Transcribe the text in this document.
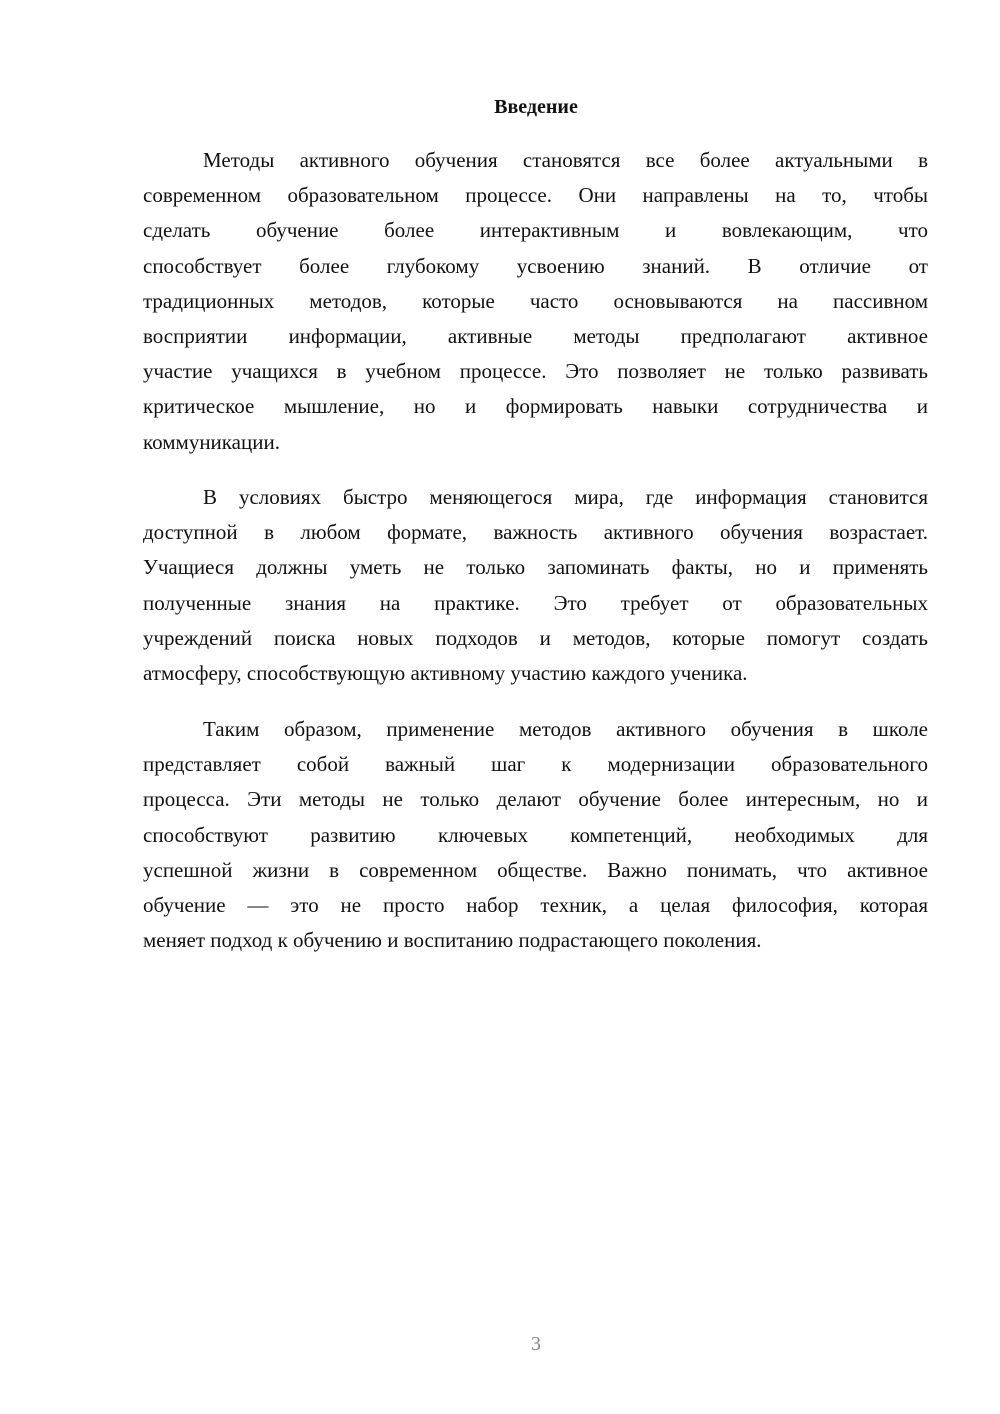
Введение
Методы активного обучения становятся все более актуальными в
современном образовательном процессе. Они направлены на то, чтобы
сделать обучение более интерактивным и вовлекающим, что
способствует более глубокому усвоению знаний. В отличие от
традиционных методов, которые часто основываются на пассивном
восприятии информации, активные методы предполагают активное
участие учащихся в учебном процессе. Это позволяет не только развивать
критическое мышление, но и формировать навыки сотрудничества и
коммуникации.
В условиях быстро меняющегося мира, где информация становится
доступной в любом формате, важность активного обучения возрастает.
Учащиеся должны уметь не только запоминать факты, но и применять
полученные знания на практике. Это требует от образовательных
учреждений поиска новых подходов и методов, которые помогут создать
атмосферу, способствующую активному участию каждого ученика.
Таким образом, применение методов активного обучения в школе
представляет собой важный шаг к модернизации образовательного
процесса. Эти методы не только делают обучение более интересным, но и
способствуют развитию ключевых компетенций, необходимых для
успешной жизни в современном обществе. Важно понимать, что активное
обучение — это не просто набор техник, а целая философия, которая
меняет подход к обучению и воспитанию подрастающего поколения.
3
